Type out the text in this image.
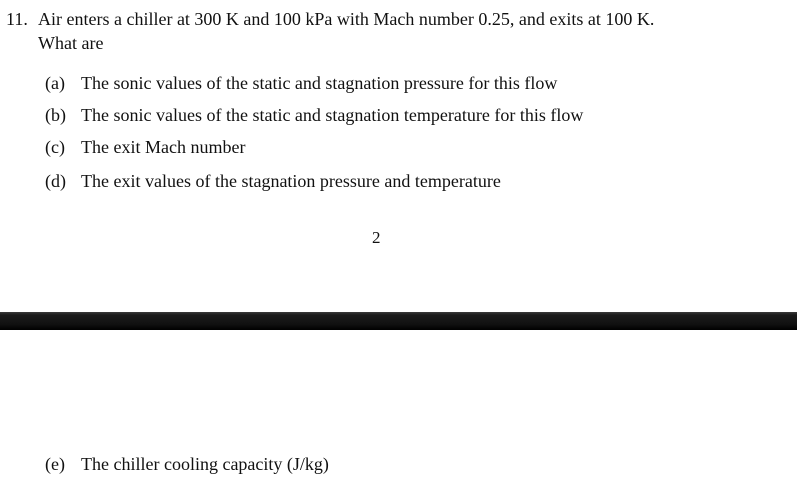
11. Air enters a chiller at 300 K and 100 kPa with Mach number 0.25, and exits at 100 K.
What are
(a) The sonic values of the static and stagnation pressure for this flow
(b) The sonic values of the static and stagnation temperature for this flow
(c) The exit Mach number
(d) The exit values of the stagnation pressure and temperature
2
(e) The chiller cooling capacity (J/kg)
